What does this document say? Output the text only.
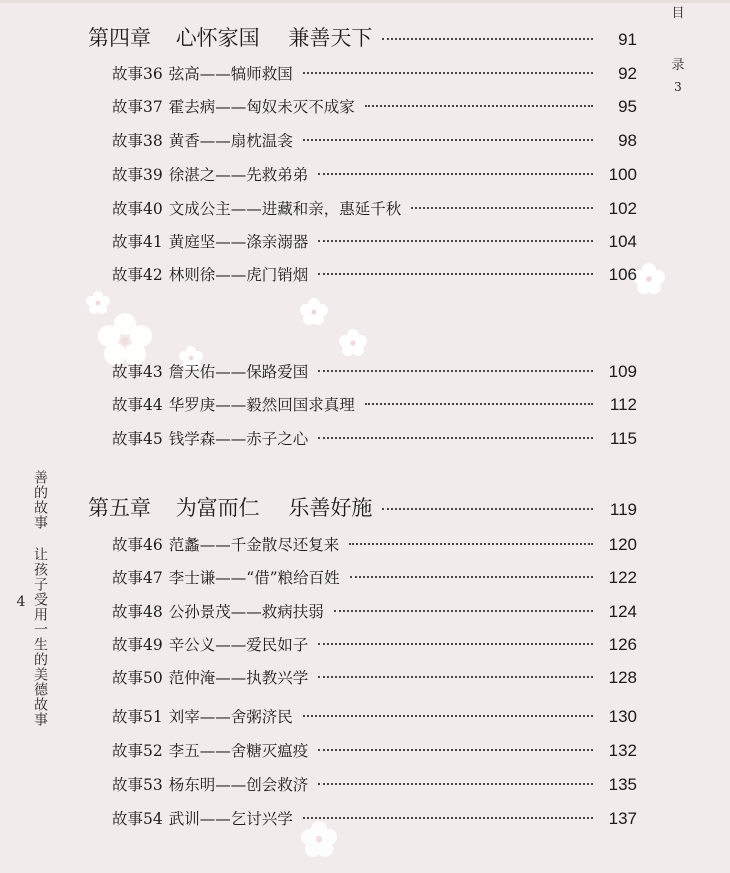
目
录
3
善的故事 让孩子受用一生的美德故事
4
第四章 心怀家国 兼善天下	91
故事36 弦高——犒师救国	92
故事37 霍去病——匈奴未灭不成家	95
故事38 黄香——扇枕温衾	98
故事39 徐湛之——先救弟弟	100
故事40 文成公主——进藏和亲，惠延千秋	102
故事41 黄庭坚——涤亲溺器	104
故事42 林则徐——虎门销烟	106
故事43 詹天佑——保路爱国	109
故事44 华罗庚——毅然回国求真理	112
故事45 钱学森——赤子之心	115
第五章 为富而仁 乐善好施	119
故事46 范蠡——千金散尽还复来	120
故事47 李士谦——“借”粮给百姓	122
故事48 公孙景茂——救病扶弱	124
故事49 辛公义——爱民如子	126
故事50 范仲淹——执教兴学	128
故事51 刘宰——舍粥济民	130
故事52 李五——舍糖灭瘟疫	132
故事53 杨东明——创会救济	135
故事54 武训——乞讨兴学	137
